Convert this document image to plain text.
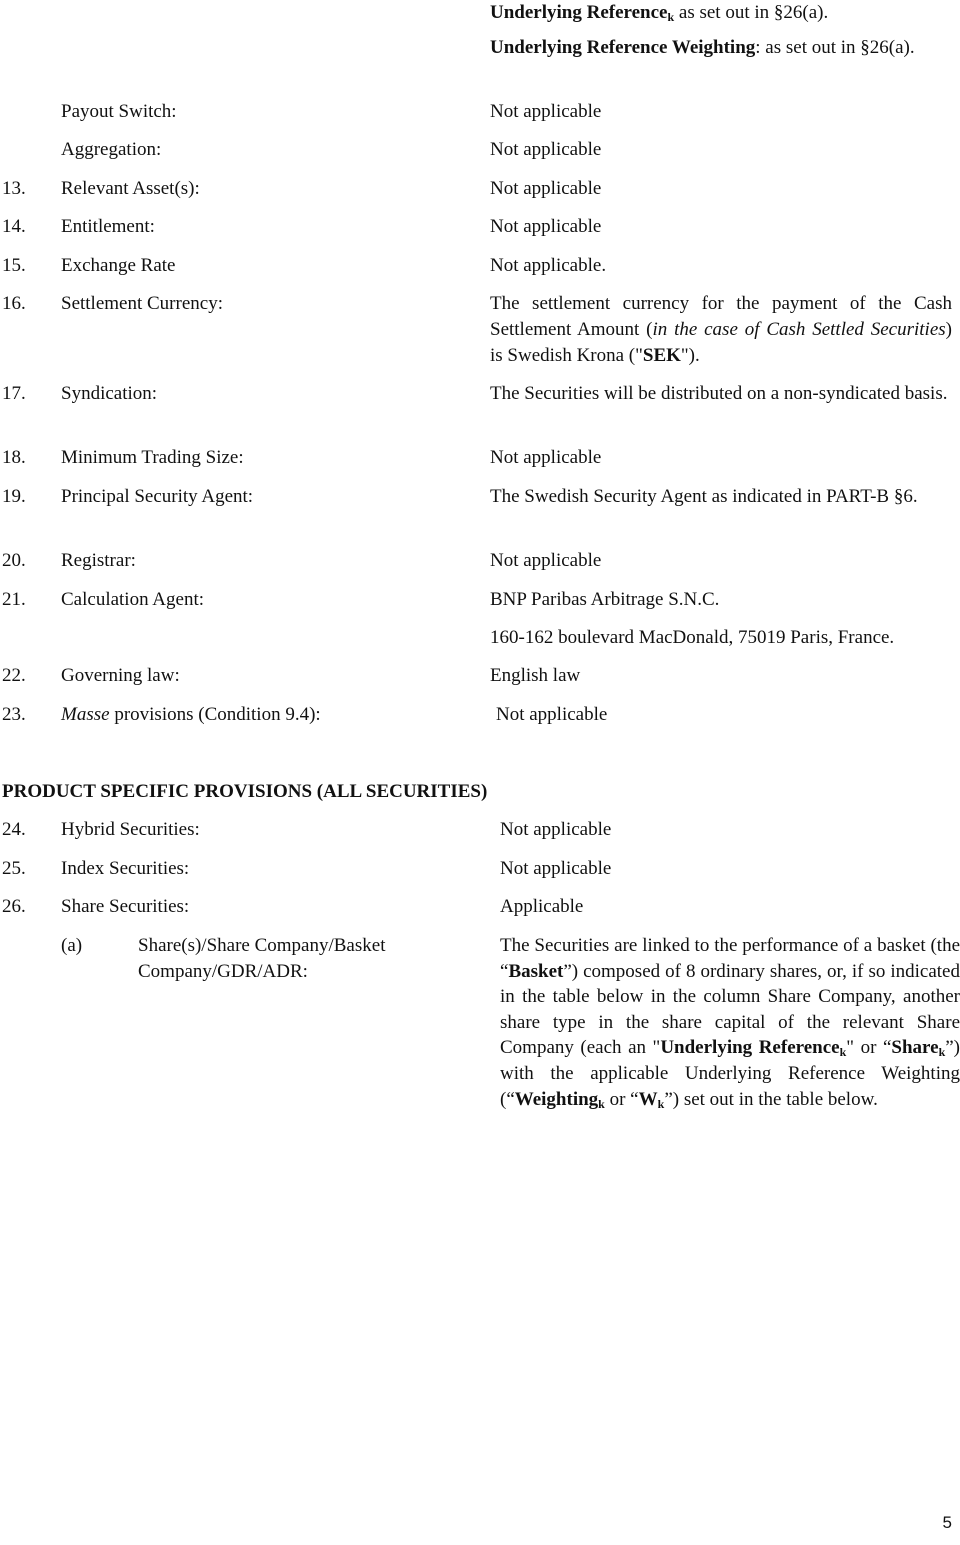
Underlying Reference$_k$ as set out in §26(a).
Underlying Reference Weighting: as set out in §26(a).
Payout Switch:	Not applicable
Aggregation:	Not applicable
13. Relevant Asset(s):	Not applicable
14. Entitlement:	Not applicable
15. Exchange Rate	Not applicable.
16. Settlement Currency:	The settlement currency for the payment of the Cash Settlement Amount (in the case of Cash Settled Securities) is Swedish Krona ("SEK").
17. Syndication:	The Securities will be distributed on a non-syndicated basis.
18. Minimum Trading Size:	Not applicable
19. Principal Security Agent:	The Swedish Security Agent as indicated in PART-B §6.
20. Registrar:	Not applicable
21. Calculation Agent:	BNP Paribas Arbitrage S.N.C.
160-162 boulevard MacDonald, 75019 Paris, France.
22. Governing law:	English law
23. Masse provisions (Condition 9.4):	Not applicable
PRODUCT SPECIFIC PROVISIONS (ALL SECURITIES)
24. Hybrid Securities:	Not applicable
25. Index Securities:	Not applicable
26. Share Securities:	Applicable
(a)	Share(s)/Share Company/Basket
Company/GDR/ADR:
The Securities are linked to the performance of a basket (the “Basket”) composed of 8 ordinary shares, or, if so indicated in the table below in the column Share Company, another share type in the share capital of the relevant Share Company (each an "Underlying Reference$_k$" or “Share$_k$”) with the applicable Underlying Reference Weighting (“Weighting$_k$ or “$W_k$”) set out in the table below.
5
